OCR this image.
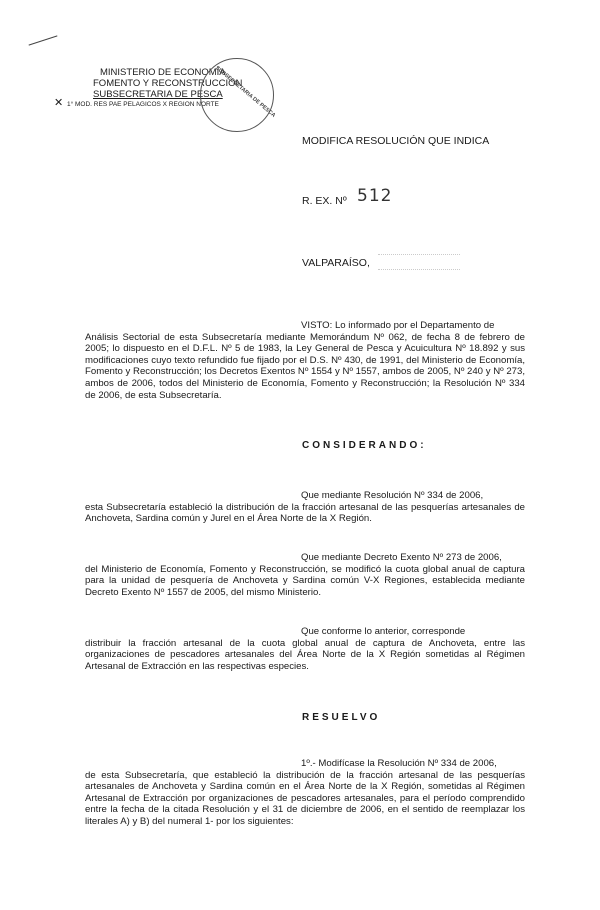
MINISTERIO DE ECONOMÍA
FOMENTO Y RECONSTRUCCION
SUBSECRETARIA DE PESCA
✕ 1° MOD. RES PAE PELAGICOS X REGION NORTE
SUBSECRETARIA DE PESCA
MODIFICA RESOLUCIÓN QUE INDICA
R. EX. Nº 512
VALPARAÍSO,
VISTO: Lo informado por el Departamento de
Análisis Sectorial de esta Subsecretaría mediante Memorándum Nº 062, de fecha 8 de febrero de 2005; lo dispuesto en el D.F.L. Nº 5 de 1983, la Ley General de Pesca y Acuicultura Nº 18.892 y sus modificaciones cuyo texto refundido fue fijado por el D.S. Nº 430, de 1991, del Ministerio de Economía, Fomento y Reconstrucción; los Decretos Exentos Nº 1554 y Nº 1557, ambos de 2005, Nº 240 y Nº 273, ambos de 2006, todos del Ministerio de Economía, Fomento y Reconstrucción; la Resolución Nº 334 de 2006, de esta Subsecretaría.
CONSIDERANDO:
Que mediante Resolución Nº 334 de 2006,
esta Subsecretaría estableció la distribución de la fracción artesanal de las pesquerías artesanales de Anchoveta, Sardina común y Jurel en el Área Norte de la X Región.
Que mediante Decreto Exento Nº 273 de 2006,
del Ministerio de Economía, Fomento y Reconstrucción, se modificó la cuota global anual de captura para la unidad de pesquería de Anchoveta y Sardina común V-X Regiones, establecida mediante Decreto Exento Nº 1557 de 2005, del mismo Ministerio.
Que conforme lo anterior, corresponde
distribuir la fracción artesanal de la cuota global anual de captura de Anchoveta, entre las organizaciones de pescadores artesanales del Área Norte de la X Región sometidas al Régimen Artesanal de Extracción en las respectivas especies.
RESUELVO
1º.- Modifícase la Resolución Nº 334 de 2006,
de esta Subsecretaría, que estableció la distribución de la fracción artesanal de las pesquerías artesanales de Anchoveta y Sardina común en el Área Norte de la X Región, sometidas al Régimen Artesanal de Extracción por organizaciones de pescadores artesanales, para el período comprendido entre la fecha de la citada Resolución y el 31 de diciembre de 2006, en el sentido de reemplazar los literales A) y B) del numeral 1- por los siguientes:
